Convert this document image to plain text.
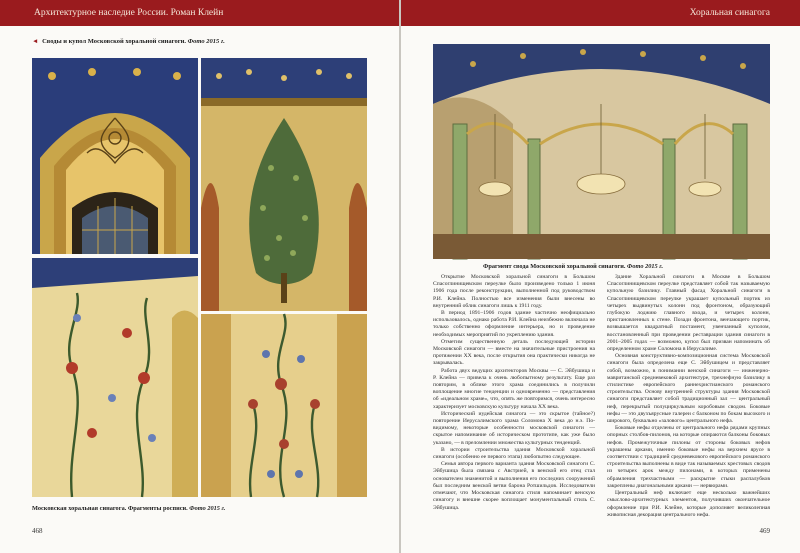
Архитектурное наследие России. Роман Клейн
◄ Своды и купол Московской хоральной синагоги. Фото 2015 г.
Московская хоральная синагога. Фрагменты росписи. Фото 2015 г.
468
Хоральная синагога
Фрагмент свода Московской хоральной синагоги. Фото 2015 г.

Открытие Московской хоральной синагоги в Большом Спасоглинищевском переулке было произведено только 1 июня 1906 года после реконструкции, выполненной под руководством Р.И. Клейна. Полностью все изменения были внесены во внутренний облик синагоги лишь к 1911 году.

В период 1891–1906 годов здание частично неофициально использовалось, однако работа Р.И. Клейна неизбежно включала не только собственно оформление интерьера, но и проведение необходимых мероприятий по укреплению здания.

Отметим существенную деталь последующей истории Московской синагоги — вместе на значительные пристроения на протяжении XX века, после открытия она практически никогда не закрывалась.

Работа двух ведущих архитекторов Москвы — С. Эйбушица и Р. Клейна — привела к очень любопытному результату. Еще раз повторим, в облике этого храма соединились в получили воплощение многие тенденции и одновременно — представления об «идеальном храме», что, опять же повторимся, очень интересно характеризует московскую культуру начала XX века.

Исторический иудейская синагога — это скрытое (тайное?) повторение Иерусалимского храма Соломона X века до н.э. По-видимому, некоторые особенности московской синагоги — скрытое напоминание об историческом прототипе, как уже было указано, — в преломлении множества культурных тенденций.

В истории строительства здания Московской хоральной синагоги (особенно ее первого этапа) любопытно следующее.

Семья автора первого варианта здания Московской синагоги С. Эйбушица была связана с Австрией, в венской его отец стал основателем знаменитой и выполнения его последних сооружений был последним венской ветви барона Ротшильдов. Исследователи отмечают, что Московская синагога стиля напоминает венскую синагогу и внешне скорее воплощает монументальный стиль С. Эйбушица.

Здание Хоральной синагоги в Москве в Большом Спасоглинищевском переулке представляет собой так называемую купольную базилику. Главный фасад Хоральной синагоги в Спасоглинищевском переулке украшает купольный портик из четырех выдвинутых колонн под фронтоном, образующий глубокую лоджию главного входа, и четырех колонн, пристановленных к стене. Позади фронтона, венчающего портик, возвышается квадратный постамент, увенчанный куполом, восстановленный при проведении реставрации здания синагоги в 2001–2005 годах — возможно, купол был призван напоминать об определенном храме Соломона в Иерусалиме.

Основная конструктивно-композиционная система Московской синагоги была определена еще С. Эйбушицем и представляет собой, возможно, в понимании венской синагоги — инженерно-мавританской средневековой архитектуре, трехнефную базилику в стилистике европейского раннехристианского романского строительства. Основу внутренней структуры здания Московской синагоги представляет собой традиционный зал — центральный неф, перекрытый полуциркульным коробовым сводом. Боковые нефы — это двухъярусные галереи с балконом по бокам высокого и широкого, буквально «залового» центрального нефа.

Боковые нефы отделены от центрального нефа рядами крупных опорных столбов-пилонов, на которые опираются балконы боковых нефов. Промежуточные пилоны от стороны боковых нефов украшены арками, именно боковые нефы на верхнем ярусе в соответствии с традицией средневекового европейского романского строительства выполнены в виде так называемых крестовых сводов из четырех арок между пилонами, в которых применены обрамления трехчастными — раскрытие стыки распалубков закреплены диагональными арками — нервюрами.

Центральный неф включает еще несколько важнейших смыслово-архитектурных элементов, получивших окончательное оформление при Р.И. Клейне, которые дополняет великолепная живописная декорация центрального нефа.

469
